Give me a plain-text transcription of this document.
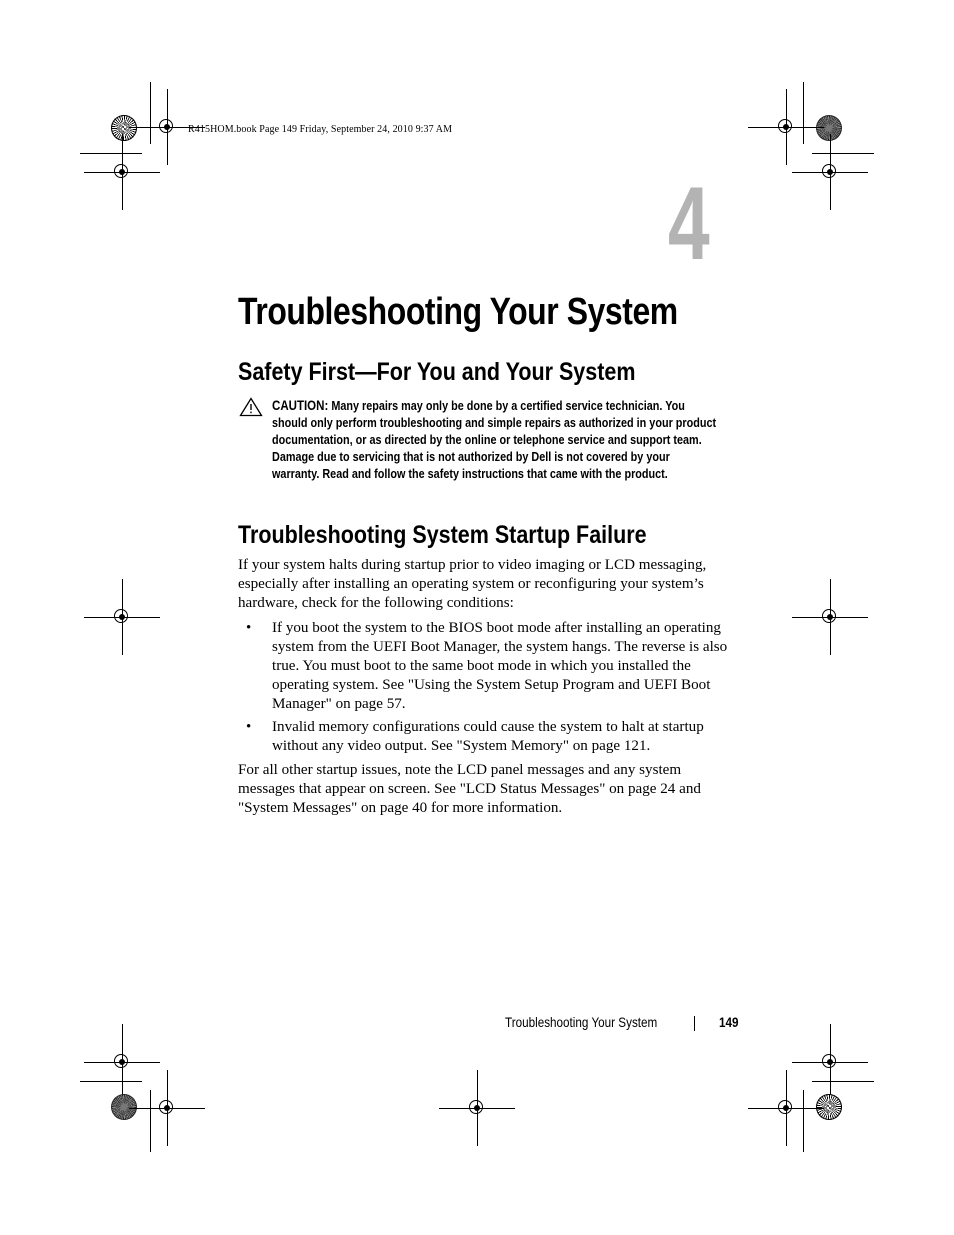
R415HOM.book Page 149 Friday, September 24, 2010 9:37 AM
4
Troubleshooting Your System
Safety First—For You and Your System
CAUTION: Many repairs may only be done by a certified service technician. You should only perform troubleshooting and simple repairs as authorized in your product documentation, or as directed by the online or telephone service and support team. Damage due to servicing that is not authorized by Dell is not covered by your warranty. Read and follow the safety instructions that came with the product.
Troubleshooting System Startup Failure
If your system halts during startup prior to video imaging or LCD messaging, especially after installing an operating system or reconfiguring your system’s hardware, check for the following conditions:
• If you boot the system to the BIOS boot mode after installing an operating system from the UEFI Boot Manager, the system hangs. The reverse is also true. You must boot to the same boot mode in which you installed the operating system. See "Using the System Setup Program and UEFI Boot Manager" on page 57.
• Invalid memory configurations could cause the system to halt at startup without any video output. See "System Memory" on page 121.
For all other startup issues, note the LCD panel messages and any system messages that appear on screen. See "LCD Status Messages" on page 24 and "System Messages" on page 40 for more information.
Troubleshooting Your System	149
